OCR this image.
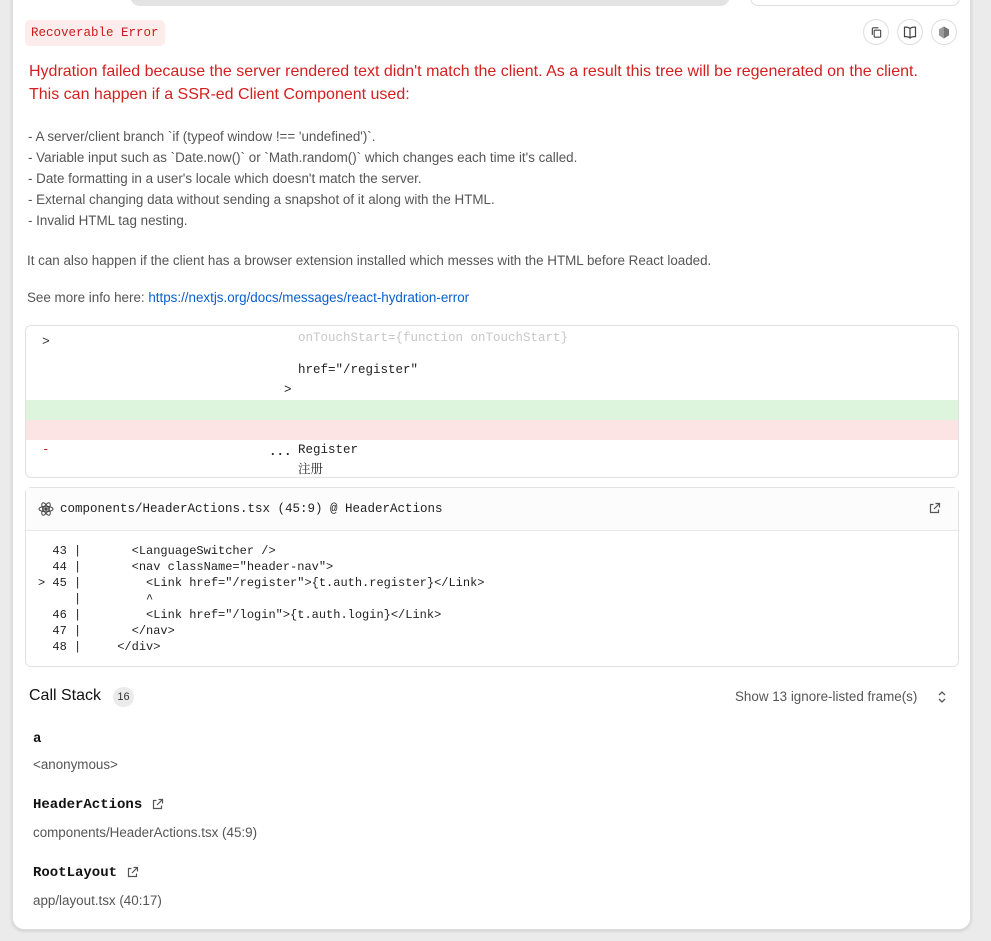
Recoverable Error
Hydration failed because the server rendered text didn't match the client. As a result this tree will be regenerated on the client.
This can happen if a SSR-ed Client Component used:
- A server/client branch `if (typeof window !== 'undefined')`.
- Variable input such as `Date.now()` or `Math.random()` which changes each time it's called.
- Date formatting in a user's locale which doesn't match the server.
- External changing data without sending a snapshot of it along with the HTML.
- Invalid HTML tag nesting.
It can also happen if the client has a browser extension installed which messes with the HTML before React loaded.
See more info here: https://nextjs.org/docs/messages/react-hydration-error
>	onTouchStart={function onTouchStart}
href="/register"
>

Register

-

注册

...
components/HeaderActions.tsx (45:9) @ HeaderActions
43 |       <LanguageSwitcher />
44 |       <nav className="header-nav">
> 45 |         <Link href="/register">{t.auth.register}</Link>
|         ^
46 |         <Link href="/login">{t.auth.login}</Link>
47 |       </nav>
48 |     </div>
Call Stack	16	Show 13 ignore-listed frame(s)
a
<anonymous>
HeaderActions
components/HeaderActions.tsx (45:9)
RootLayout
app/layout.tsx (40:17)
